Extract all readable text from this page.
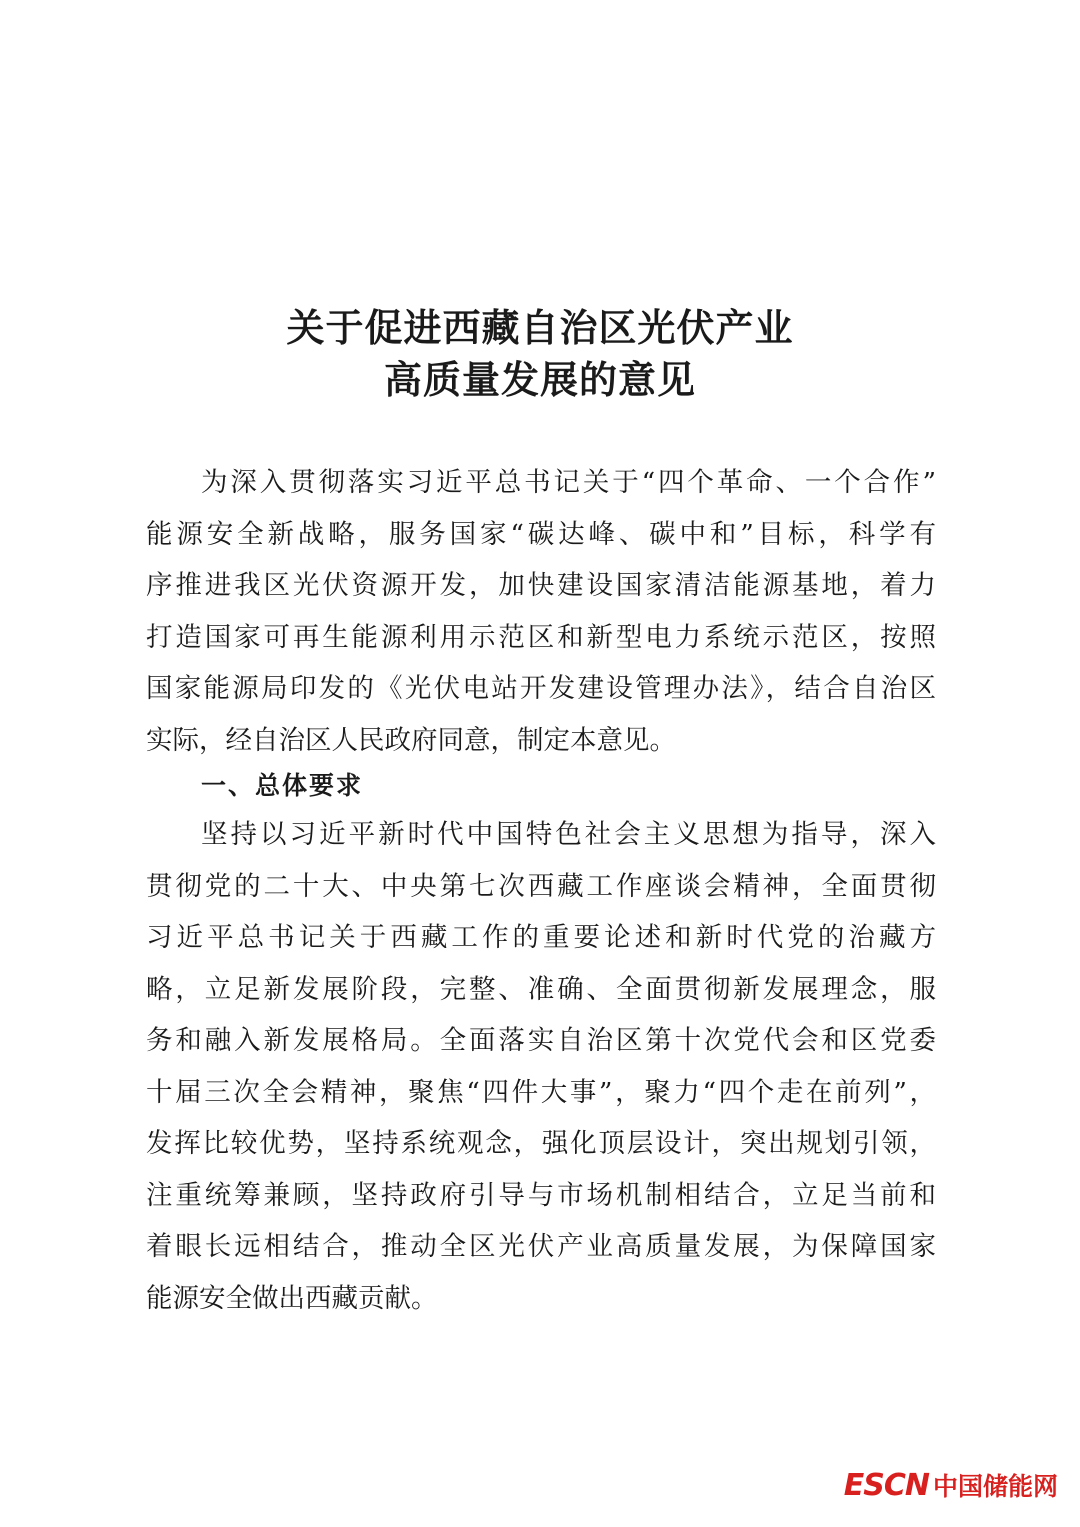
关于促进西藏自治区光伏产业
高质量发展的意见
为深入贯彻落实习近平总书记关于“四个革命、一个合作”
能源安全新战略，服务国家“碳达峰、碳中和”目标，科学有
序推进我区光伏资源开发，加快建设国家清洁能源基地，着力
打造国家可再生能源利用示范区和新型电力系统示范区，按照
国家能源局印发的《光伏电站开发建设管理办法》，结合自治区
实际，经自治区人民政府同意，制定本意见。
一、总体要求
坚持以习近平新时代中国特色社会主义思想为指导，深入
贯彻党的二十大、中央第七次西藏工作座谈会精神，全面贯彻
习近平总书记关于西藏工作的重要论述和新时代党的治藏方
略，立足新发展阶段，完整、准确、全面贯彻新发展理念，服
务和融入新发展格局。全面落实自治区第十次党代会和区党委
十届三次全会精神，聚焦“四件大事”，聚力“四个走在前列”，
发挥比较优势，坚持系统观念，强化顶层设计，突出规划引领，
注重统筹兼顾，坚持政府引导与市场机制相结合，立足当前和
着眼长远相结合，推动全区光伏产业高质量发展，为保障国家
能源安全做出西藏贡献。
ESCN 中国储能网
